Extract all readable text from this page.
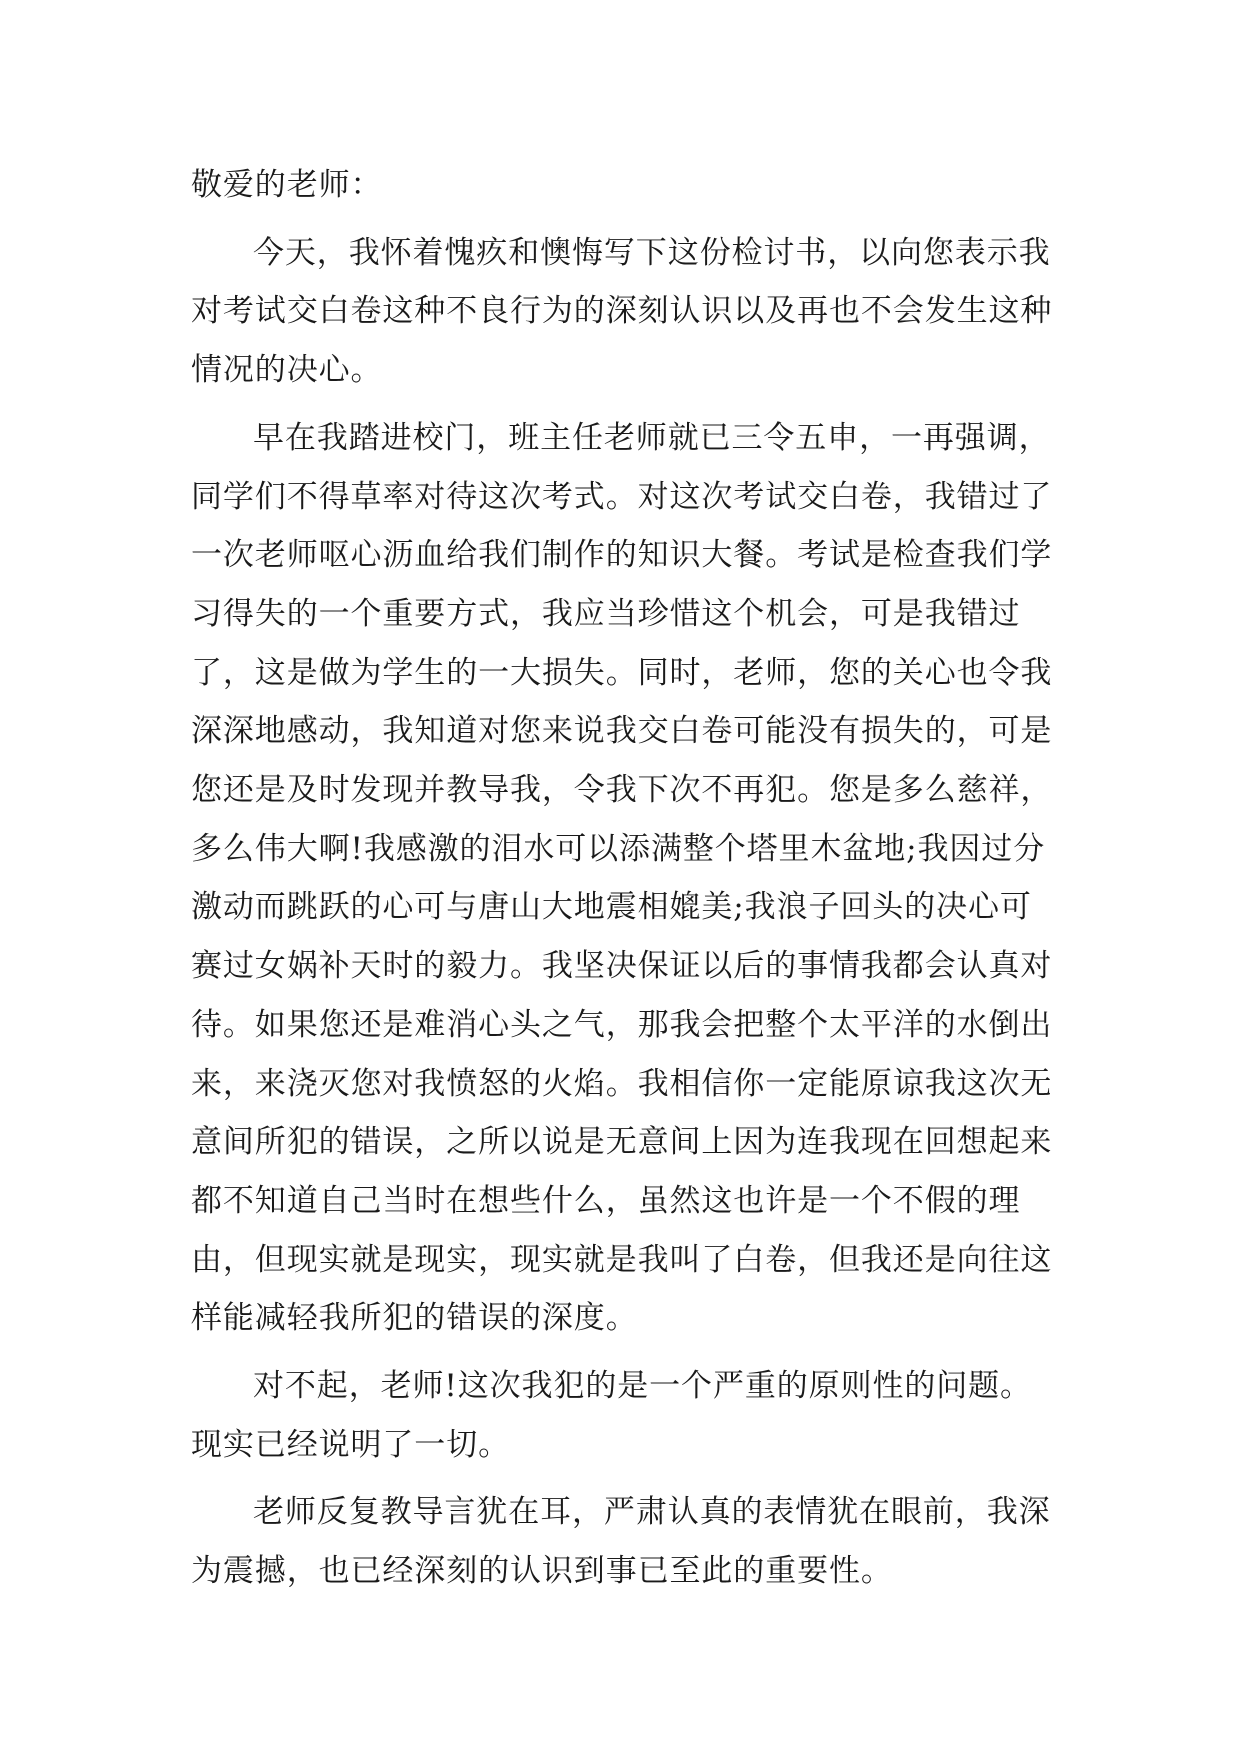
敬爱的老师：

今天，我怀着愧疚和懊悔写下这份检讨书，以向您表示我对考试交白卷这种不良行为的深刻认识以及再也不会发生这种情况的决心。

早在我踏进校门，班主任老师就已三令五申，一再强调，同学们不得草率对待这次考式。对这次考试交白卷，我错过了一次老师呕心沥血给我们制作的知识大餐。考试是检查我们学习得失的一个重要方式，我应当珍惜这个机会，可是我错过了，这是做为学生的一大损失。同时，老师，您的关心也令我深深地感动，我知道对您来说我交白卷可能没有损失的，可是您还是及时发现并教导我，令我下次不再犯。您是多么慈祥，多么伟大啊!我感激的泪水可以添满整个塔里木盆地;我因过分激动而跳跃的心可与唐山大地震相媲美;我浪子回头的决心可赛过女娲补天时的毅力。我坚决保证以后的事情我都会认真对待。如果您还是难消心头之气，那我会把整个太平洋的水倒出来，来浇灭您对我愤怒的火焰。我相信你一定能原谅我这次无意间所犯的错误，之所以说是无意间上因为连我现在回想起来都不知道自己当时在想些什么，虽然这也许是一个不假的理由，但现实就是现实，现实就是我叫了白卷，但我还是向往这样能减轻我所犯的错误的深度。

对不起，老师!这次我犯的是一个严重的原则性的问题。现实已经说明了一切。

老师反复教导言犹在耳，严肃认真的表情犹在眼前，我深为震撼，也已经深刻的认识到事已至此的重要性。
